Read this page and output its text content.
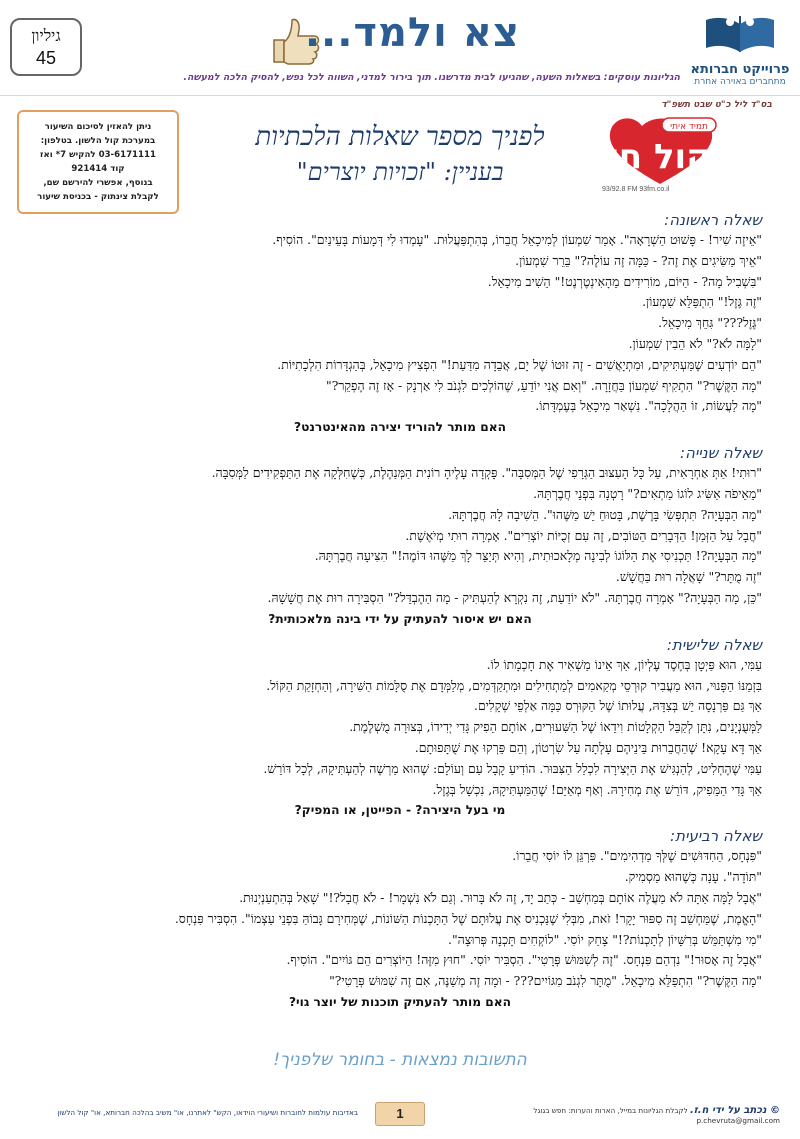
גיליון
45
צא ולמד...
פרוייקט חברותא
מתחברים באוירה אחרת
הגליונות עוסקים: בשאלות השעה, שהגיעו לבית מדרשנו. תוך בירור למדני, השווה לכל נפש, להסיק הלכה למעשה.
בס"ד ליל כ"ט שבט תשפ"ד
ניתן להאזין לסיכום השיעור
במערכת קול הלשון. בטלפון:
03-6171111 להקיש 7* ואז
קוד 921414
בנוסף, אפשרי להירשם שם,
לקבלת צינתוק - בכניסת שיעור
לפניך מספר שאלות הלכתיות
בעניין: "זכויות יוצרים"
תמיד איתי
קול חי
93/92.8 FM 93fm.co.il
שאלה ראשונה:
"אֵיזֶה שִׁיר! - פָּשׁוּט הַשְׁרָאָה". אָמַר שִׁמְעוֹן לְמִיכָאֵל חֲבֵרוֹ, בְּהִתְפַּעֲלוּת. "עָמְדוּ לִי דְּמָעוֹת בָּעֵינַיִם". הוֹסִיף.
"אֵיךְ מַשִּׂיגִים אֶת זֶה? - כַּמָּה זֶה עוֹלֶה?" בֵּרֵר שִׁמְעוֹן.
"בִּשְׁבִיל מָה? - הַיּוֹם, מוֹרִידִים מֵהָאִינְטֶרְנֶט!" הֵשִׁיב מִיכָאֵל.
"זֶה גֶּזֶל!" הִתְפַּלֵּא שִׁמְעוֹן.
"גֶּזֶל???" גִּחֵךְ מִיכָאֵל.
"לָמָּה לֹא?" לֹא הֵבִין שִׁמְעוֹן.
"הֵם יוֹדְעִים שֶׁמַּעְתִּיקִים, וּמִתְיָאֲשִׁים - זֶה זוּטוֹ שֶׁל יָם, אֲבֵדָה מִדַּעַת!" הִפְצִיץ מִיכָאֵל, בְּהַגְדָּרוֹת הִלְכָתִיּוֹת.
"מָה הַקֶּשֶׁר?" הִתְקִיף שִׁמְעוֹן בַּחֲזָרָה. "וְאִם אֲנִי יוֹדֵעַ, שֶׁהוֹלְכִים לִגְנֹב לִי אַרְנָק - אָז זֶה הֶפְקֵר?"
"מָה לַעֲשׂוֹת, זוֹ הַהֲלָכָה". נִשְׁאַר מִיכָאֵל בְּעֶמְדָּתוֹ.
האם מותר להוריד יצירה מהאינטרנט?
שאלה שנייה:
"רוּתִי! אַתְּ אַחְרָאִית, עַל כָּל הָעִצּוּב הַגְּרָפִי שֶׁל הַמְּסִבָּה". פָּקְדָה עָלֶיהָ רוֹנִית הַמְּנַהֶלֶת, כְּשֶׁחִלְּקָה אֶת הַתַּפְקִידִים לַמְּסִבָּה.
"מֵאֵיפֹה אַשִּׂיג לוֹגוֹ מַתְאִים?" רָטְנָה בִּפְנֵי חֲבֶרְתָּהּ.
"מָה הַבְּעָיָה? תִּתְפְּשִׂי בָּרֶשֶׁת, בָּטוּחַ יֵשׁ מַשֶּׁהוּ". הֵשִׁיבָה לָהּ חֲבֶרְתָּהּ.
"חֲבָל עַל הַזְּמַן! הַדְּבָרִים הַטּוֹבִים, זֶה עִם זְכֻיּוֹת יוֹצְרִים". אָמְרָה רוּתִי מְיֹאֶשֶׁת.
"מָה הַבְּעָיָה?! תַּכְנִיסִי אֶת הַלּוֹגוֹ לְבִינָה מְלָאכוּתִית, וְהִיא תְּיַצֵּר לָךְ מַשֶּׁהוּ דּוֹמֶה!" הִצִּיעָה חֲבֶרְתָּהּ.
"זֶה מֻתָּר?" שָׁאֲלָה רוּת בַּחֲשָׁשׁ.
"כֵּן, מָה הַבְּעָיָה?" אָמְרָה חֲבֶרְתָּהּ. "לֹא יוֹדַעַת, זֶה נִקְרָא לְהַעְתִּיק - מָה הַהֶבְדֵּל?" הִסְבִּירָה רוּת אֶת חֲשָׁשָׁהּ.
האם יש איסור להעתיק על ידי בינה מלאכותית?
שאלה שלישית:
עַמִּי, הוּא פַּיְטָן בְּחֶסֶד עֶלְיוֹן, אַךְ אֵינוֹ מַשְׁאִיר אֶת חָכְמָתוֹ לוֹ.
בִּזְמַנּוֹ הַפָּנוּי, הוּא מַעֲבִיר קוּרְסֵי מְקַאמִים לְמַתְחִילִים וּמִתְקַדְּמִים, מְלַמְּדָם אֶת סֻלָּמוֹת הַשִּׁירָה, וְהַחְזָקַת הַקּוֹל.
אַךְ גַּם פַּרְנָסָה יֵשׁ בְּצִדָּהּ, עֲלוּתוֹ שֶׁל הַקּוּרְס כַּמָּה אַלְפֵי שְׁקָלִים.
לַמְּעֻנְיָנִים, נִתָּן לְקַבֵּל הַקְלָטוֹת וִידֵאוֹ שֶׁל הַשִּׁעוּרִים, אוֹתָם הֵפִיק גָּדִי יְדִידוֹ, בְּצוּרָה מֻשְׁלֶמֶת.
אַךְ דָּא עָקָא! שֶׁהַחֲבֵרוּת בֵּינֵיהֶם עָלְתָה עַל שִׂרְטוֹן, וְהֵם פֵּרְקוּ אֶת שֻׁתָּפוּתָם.
עַמִּי שֶׁהֶחְלִיט, לְהַנְגִּישׁ אֶת הַיְּצִירָה לִכְלַל הַצִּבּוּר. הוֹדִיעַ קָבָל עַם וְעוֹלָם: שֶׁהוּא מַרְשֶׁה לְהַעְתִּיקָהּ, לְכָל דּוֹרֵשׁ.
אַךְ גָּדִי הַמֵּפִיק, דּוֹרֵשׁ אֶת מְחִירָהּ. וְאַף מְאַיֵּם! שֶׁהַמַּעְתִּיקָהּ, נִכְשָׁל בְּגֶזֶל.
מי בעל היצירה? - הפייטן, או המפיק?
שאלה רביעית:
"פִּנְחָס, הַחִדּוּשִׁים שֶׁלְּךָ מַדְהִימִים". פִּרְגֵּן לוֹ יוֹסִי חֲבֵרוֹ.
"תּוֹדָה". עָנָה כְּשֶׁהוּא מַסְמִיק.
"אֲבָל לָמָּה אַתָּה לֹא מַעֲלֶה אוֹתָם בְּמַחְשֵׁב - כְּתַב יָד, זֶה לֹא בָּרוּר. וְגַם לֹא נִשְׁמָר! - לֹא חֲבָל?!" שָׁאַל בְּהִתְעַנְיְנוּת.
"הָאֱמֶת, שֶׁמַּחְשֵׁב זֶה סִפּוּר יָקָר! זֹאת, מִבְּלִי שֶׁנַּכְנִיס אֶת עֲלוּתָם שֶׁל הַתָּכְנוֹת הַשּׁוֹנוֹת, שֶׁמְּחִירָם גָּבוֹהַּ בִּפְנֵי עַצְמוֹ". הִסְבִּיר פִּנְחָס.
"מִי מִשְׁתַּמֵּשׁ בְּרִשָּׁיוֹן לְתָכְנוֹת?!" צָחַק יוֹסִי. "לוֹקְחִים תָּכְנָה פְּרוּצָה".
"אֲבָל זֶה אָסוּר!" נִדְהַם פִּנְחָס. "זֶה לְשִׁמּוּשׁ פְּרָטִי". הִסְבִּיר יוֹסִי. "חוּץ מִזֶּה! הַיּוֹצְרִים הֵם גּוֹיִים". הוֹסִיף.
"מָה הַקֶּשֶׁר?" הִתְפַּלֵּא מִיכָאֵל. "מֻתָּר לִגְנֹב מִגּוֹיִים??? - וּמָה זֶה מְשַׁנֶּה, אִם זֶה שִׁמּוּשׁ פְּרָטִי?"
האם מותר להעתיק תוכנות של יוצר גוי?
התשובות נמצאות - בחומר שלפניך!
© נכתב על ידי ח.ז. לקבלת הגליונות במייל, הארות והערות: חפש בגוגל p.chevruta@gmail.com
1
באדיבות עולמות לחוברות ושיעורי הוידאו, הקש" לאתרנו, או" משיב בהלכה חברותא, או" קול הלשון
